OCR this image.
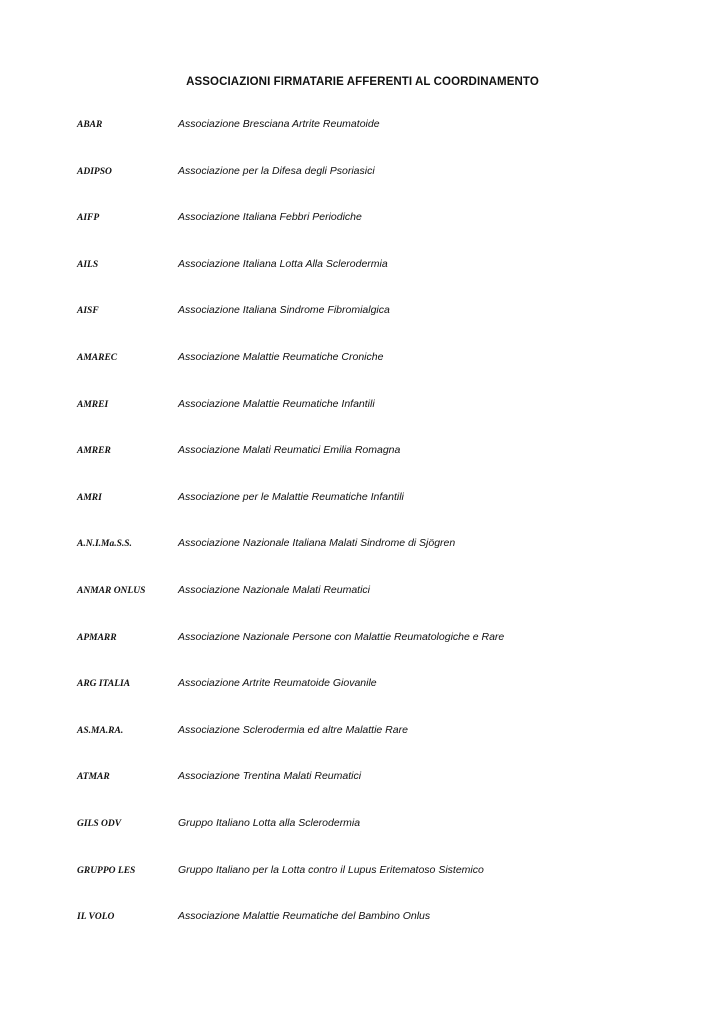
ASSOCIAZIONI FIRMATARIE AFFERENTI AL COORDINAMENTO
ABAR	Associazione Bresciana Artrite Reumatoide
ADIPSO	Associazione per la Difesa degli Psoriasici
AIFP	Associazione Italiana Febbri Periodiche
AILS	Associazione Italiana Lotta Alla Sclerodermia
AISF	Associazione Italiana Sindrome Fibromialgica
AMAREC	Associazione Malattie Reumatiche Croniche
AMREI	Associazione Malattie Reumatiche Infantili
AMRER	Associazione Malati Reumatici Emilia Romagna
AMRI	Associazione per le Malattie Reumatiche Infantili
A.N.I.Ma.S.S.	Associazione Nazionale Italiana Malati Sindrome di Sjögren
ANMAR ONLUS	Associazione Nazionale Malati Reumatici
APMARR	Associazione Nazionale Persone con Malattie Reumatologiche e Rare
ARG ITALIA	Associazione Artrite Reumatoide Giovanile
AS.MA.RA.	Associazione Sclerodermia ed altre Malattie Rare
ATMAR	Associazione Trentina Malati Reumatici
GILS ODV	Gruppo Italiano Lotta alla Sclerodermia
GRUPPO LES	Gruppo Italiano per la Lotta contro il Lupus Eritematoso Sistemico
IL VOLO	Associazione Malattie Reumatiche del Bambino Onlus
